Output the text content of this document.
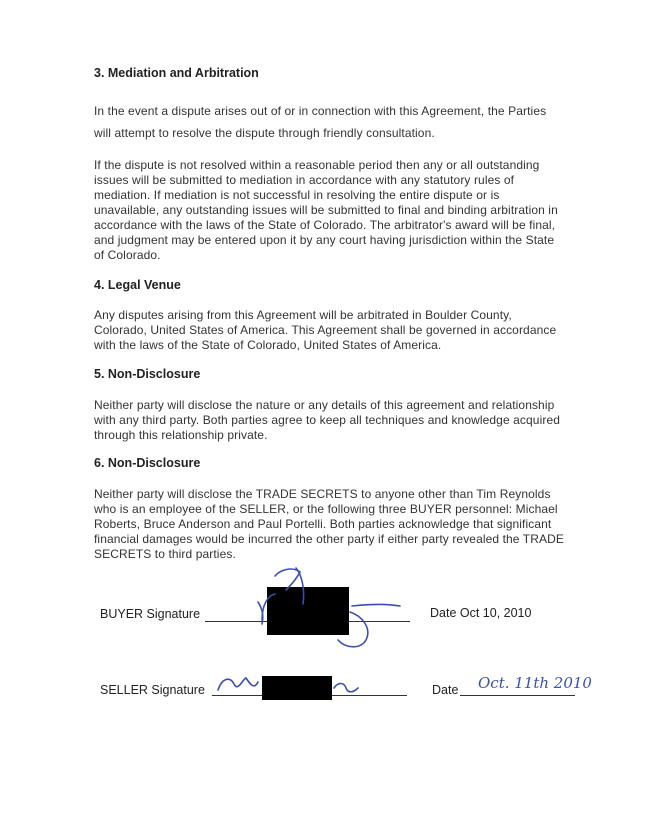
3. Mediation and Arbitration

In the event a dispute arises out of or in connection with this Agreement, the Parties will attempt to resolve the dispute through friendly consultation.

If the dispute is not resolved within a reasonable period then any or all outstanding issues will be submitted to mediation in accordance with any statutory rules of mediation. If mediation is not successful in resolving the entire dispute or is unavailable, any outstanding issues will be submitted to final and binding arbitration in accordance with the laws of the State of Colorado. The arbitrator's award will be final, and judgment may be entered upon it by any court having jurisdiction within the State of Colorado.

4. Legal Venue

Any disputes arising from this Agreement will be arbitrated in Boulder County, Colorado, United States of America. This Agreement shall be governed in accordance with the laws of the State of Colorado, United States of America.

5. Non-Disclosure

Neither party will disclose the nature or any details of this agreement and relationship with any third party. Both parties agree to keep all techniques and knowledge acquired through this relationship private.

6. Non-Disclosure

Neither party will disclose the TRADE SECRETS to anyone other than Tim Reynolds who is an employee of the SELLER, or the following three BUYER personnel: Michael Roberts, Bruce Anderson and Paul Portelli. Both parties acknowledge that significant financial damages would be incurred the other party if either party revealed the TRADE SECRETS to third parties.

BUYER Signature	Date Oct 10, 2010
SELLER Signature	Date Oct. 11th 2010
